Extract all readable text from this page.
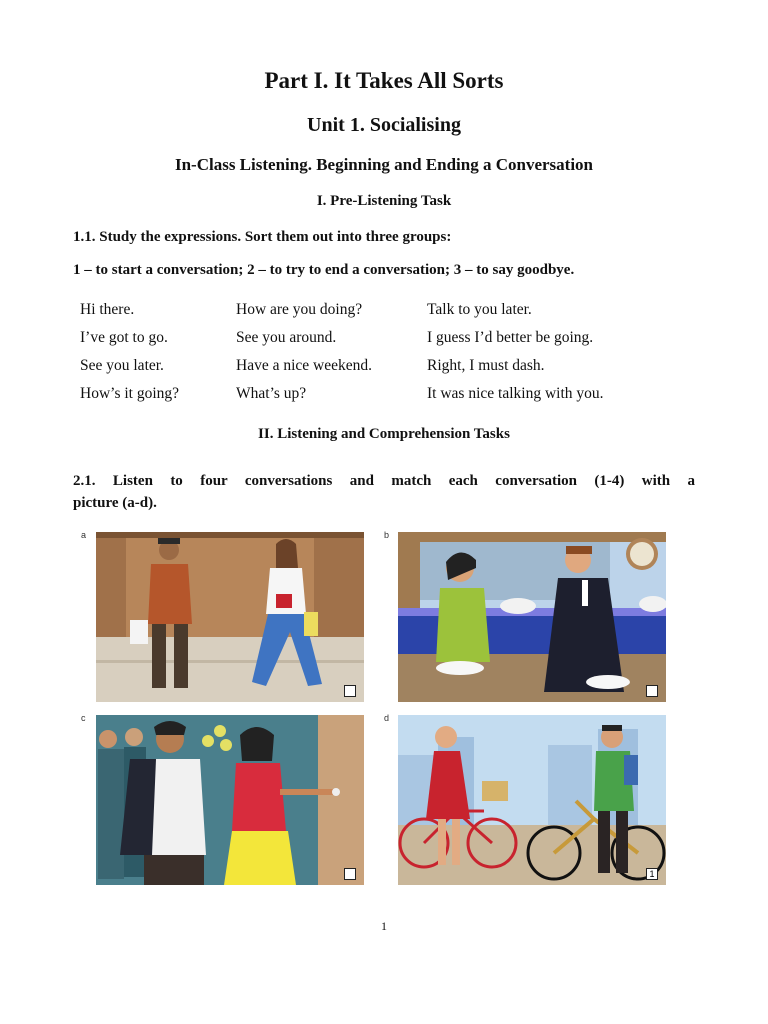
Part I. It Takes All Sorts
Unit 1. Socialising
In-Class Listening. Beginning and Ending a Conversation
I. Pre-Listening Task

1.1. Study the expressions. Sort them out into three groups:

1 – to start a conversation; 2 – to try to end a conversation; 3 – to say goodbye.

Hi there.	How are you doing?	Talk to you later.
I’ve got to go.	See you around.	I guess I’d better be going.
See you later.	Have a nice weekend.	Right, I must dash.
How’s it going?	What’s up?	It was nice talking with you.
II. Listening and Comprehension Tasks

2.1. Listen to four conversations and match each conversation (1-4) with a

picture (a-d).

a	b
c	d
1
1
